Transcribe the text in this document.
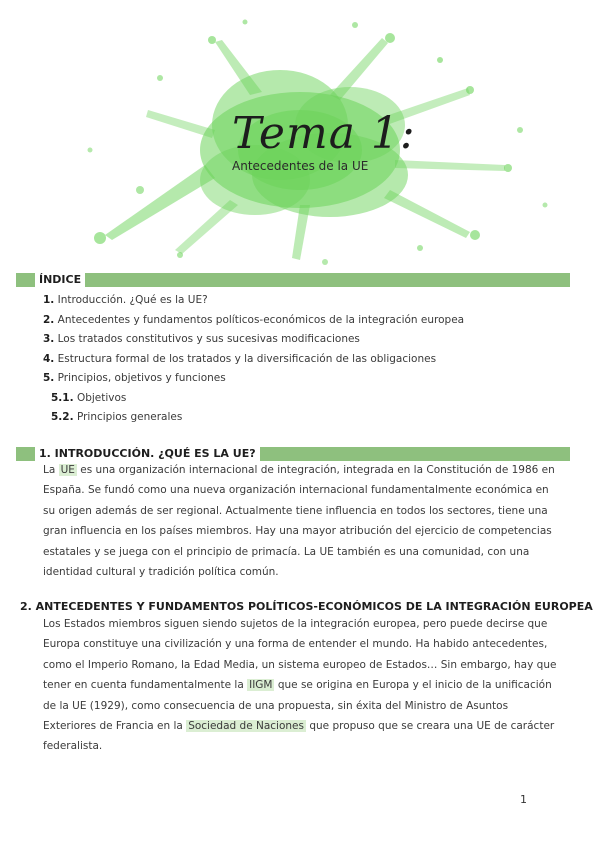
Tema 1:
Antecedentes de la UE
ÍNDICE
1. Introducción. ¿Qué es la UE?
2. Antecedentes y fundamentos políticos-económicos de la integración europea
3. Los tratados constitutivos y sus sucesivas modificaciones
4. Estructura formal de los tratados y la diversificación de las obligaciones
5. Principios, objetivos y funciones
5.1. Objetivos
5.2. Principios generales
1. INTRODUCCIÓN. ¿QUÉ ES LA UE?

La UE es una organización internacional de integración, integrada en la Constitución de 1986 en España. Se fundó como una nueva organización internacional fundamentalmente económica en su origen además de ser regional. Actualmente tiene influencia en todos los sectores, tiene una gran influencia en los países miembros. Hay una mayor atribución del ejercicio de competencias estatales y se juega con el principio de primacía. La UE también es una comunidad, con una identidad cultural y tradición política común.

2. ANTECEDENTES Y FUNDAMENTOS POLÍTICOS-ECONÓMICOS DE LA INTEGRACIÓN EUROPEA

Los Estados miembros siguen siendo sujetos de la integración europea, pero puede decirse que Europa constituye una civilización y una forma de entender el mundo. Ha habido antecedentes, como el Imperio Romano, la Edad Media, un sistema europeo de Estados… Sin embargo, hay que tener en cuenta fundamentalmente la IIGM que se origina en Europa y el inicio de la unificación de la UE (1929), como consecuencia de una propuesta, sin éxita del Ministro de Asuntos Exteriores de Francia en la Sociedad de Naciones que propuso que se creara una UE de carácter federalista.

1
